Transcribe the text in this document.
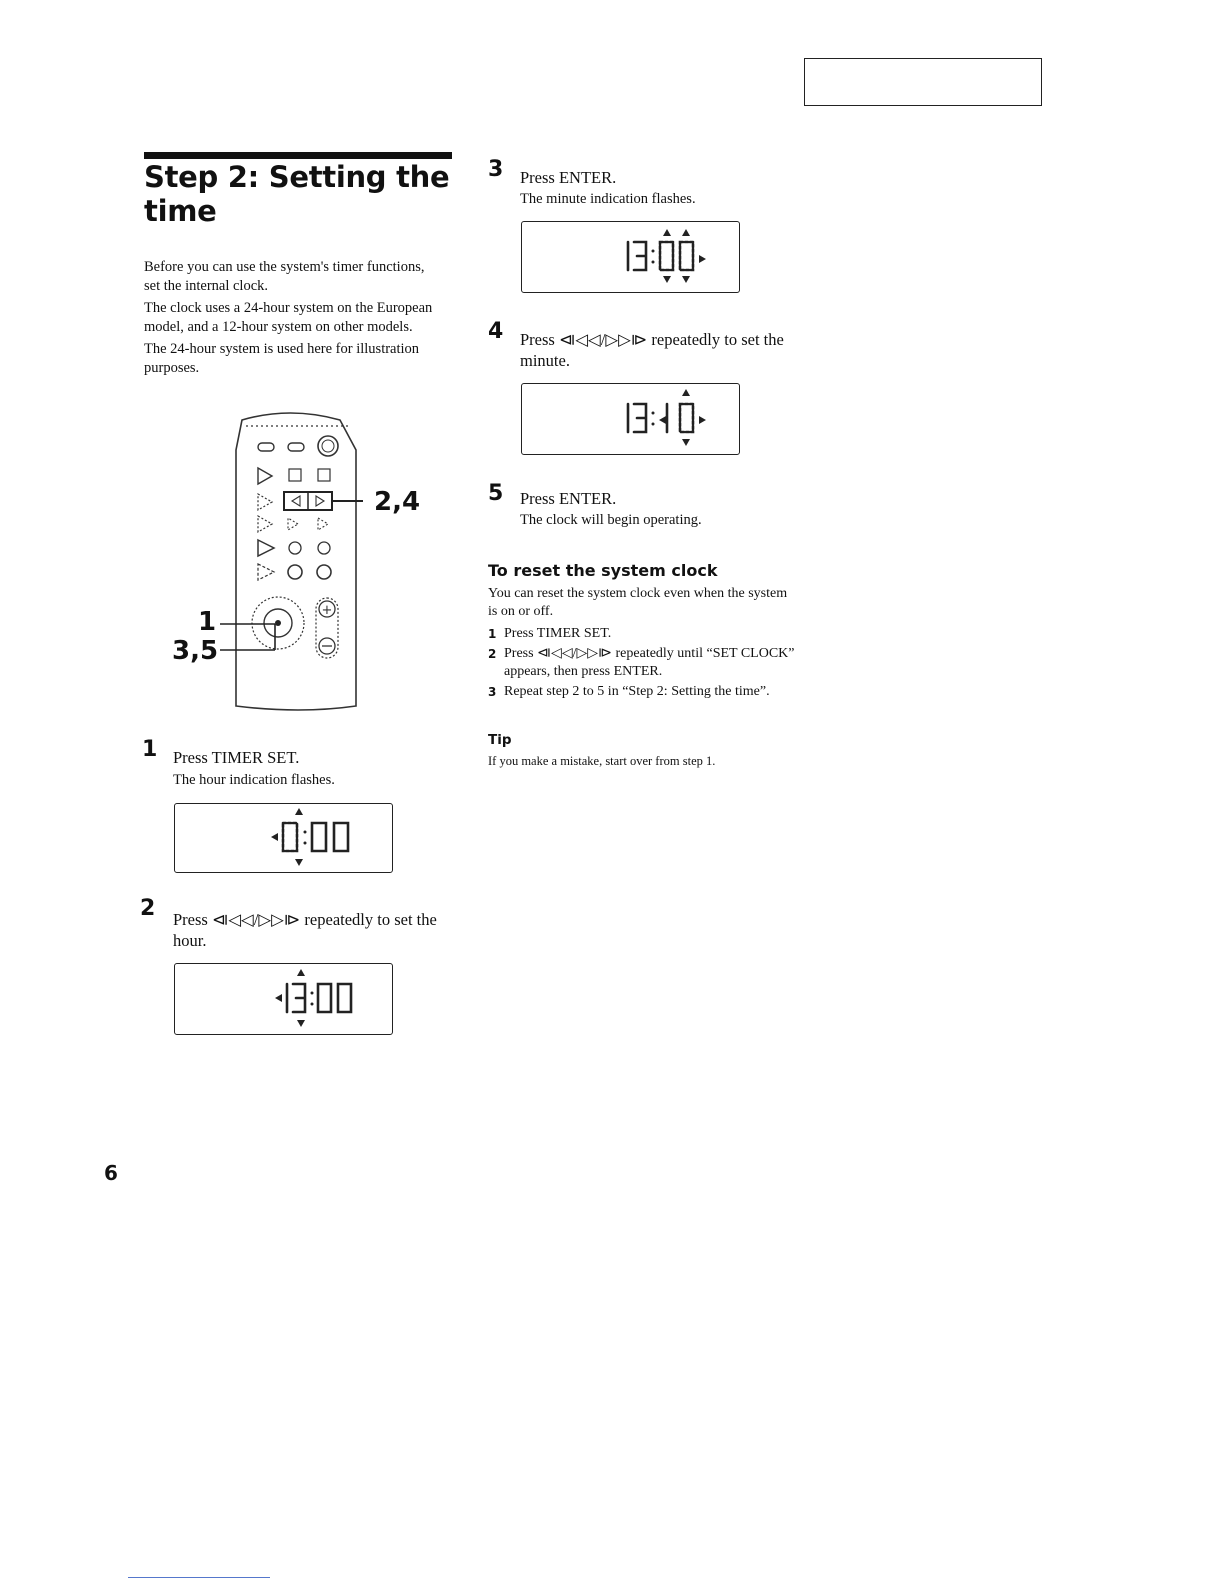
Step 2: Setting the time

Before you can use the system's timer functions, set the internal clock.

The clock uses a 24-hour system on the European model, and a 12-hour system on other models.

The 24-hour system is used here for illustration purposes.

+
2,4
1
3,5
1 Press TIMER SET.
The hour indication flashes.
2 Press ⧏◁◁/▷▷⧐ repeatedly to set the hour.
3 Press ENTER.
The minute indication flashes.
4 Press ⧏◁◁/▷▷⧐ repeatedly to set the minute.
5 Press ENTER.
The clock will begin operating.
To reset the system clock
You can reset the system clock even when the system is on or off.
1 Press TIMER SET.
2 Press ⧏◁◁/▷▷⧐ repeatedly until “SET CLOCK” appears, then press ENTER.
3 Repeat step 2 to 5 in “Step 2: Setting the time”.
Tip
If you make a mistake, start over from step 1.
6
